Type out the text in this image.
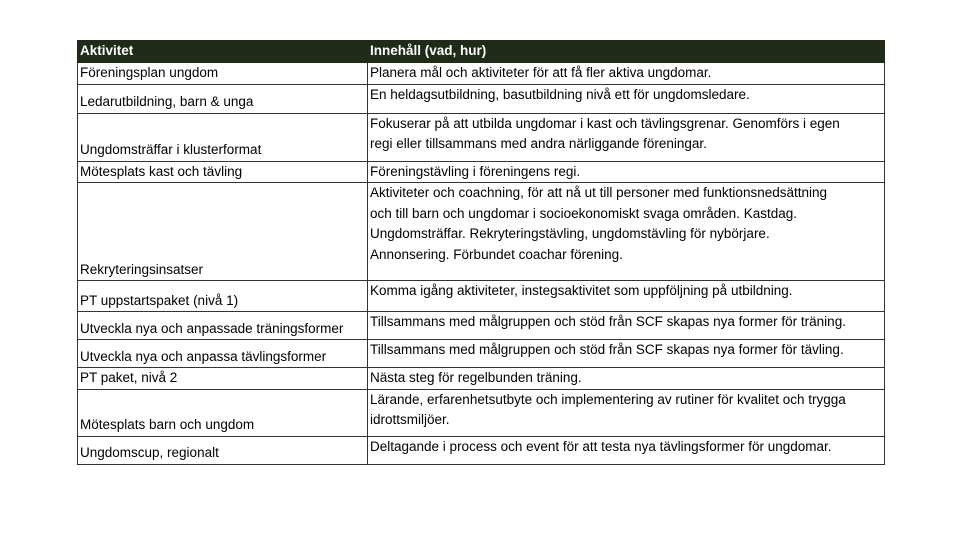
Aktivitet	Innehåll (vad, hur)
Föreningsplan ungdom	Planera mål och aktiviteter för att få fler aktiva ungdomar.

Ledarutbildning, barn & unga	En heldagsutbildning, basutbildning nivå ett för ungdomsledare.

Ungdomsträffar i klusterformat	Fokuserar på att utbilda ungdomar i kast och tävlingsgrenar. Genomförs i egen
regi eller tillsammans med andra närliggande föreningar.

Mötesplats kast och tävling	Föreningstävling i föreningens regi.

Rekryteringsinsatser	Aktiviteter och coachning, för att nå ut till personer med funktionsnedsättning
och till barn och ungdomar i socioekonomiskt svaga områden. Kastdag.
Ungdomsträffar. Rekryteringstävling, ungdomstävling för nybörjare.
Annonsering. Förbundet coachar förening.

PT uppstartspaket (nivå 1)	Komma igång aktiviteter, instegsaktivitet som uppföljning på utbildning.

Utveckla nya och anpassade träningsformer	Tillsammans med målgruppen och stöd från SCF skapas nya former för träning.

Utveckla nya och anpassa tävlingsformer	Tillsammans med målgruppen och stöd från SCF skapas nya former för tävling.

PT paket, nivå 2	Nästa steg för regelbunden träning.

Mötesplats barn och ungdom	Lärande, erfarenhetsutbyte och implementering av rutiner för kvalitet och trygga
idrottsmiljöer.

Ungdomscup, regionalt	Deltagande i process och event för att testa nya tävlingsformer för ungdomar.
